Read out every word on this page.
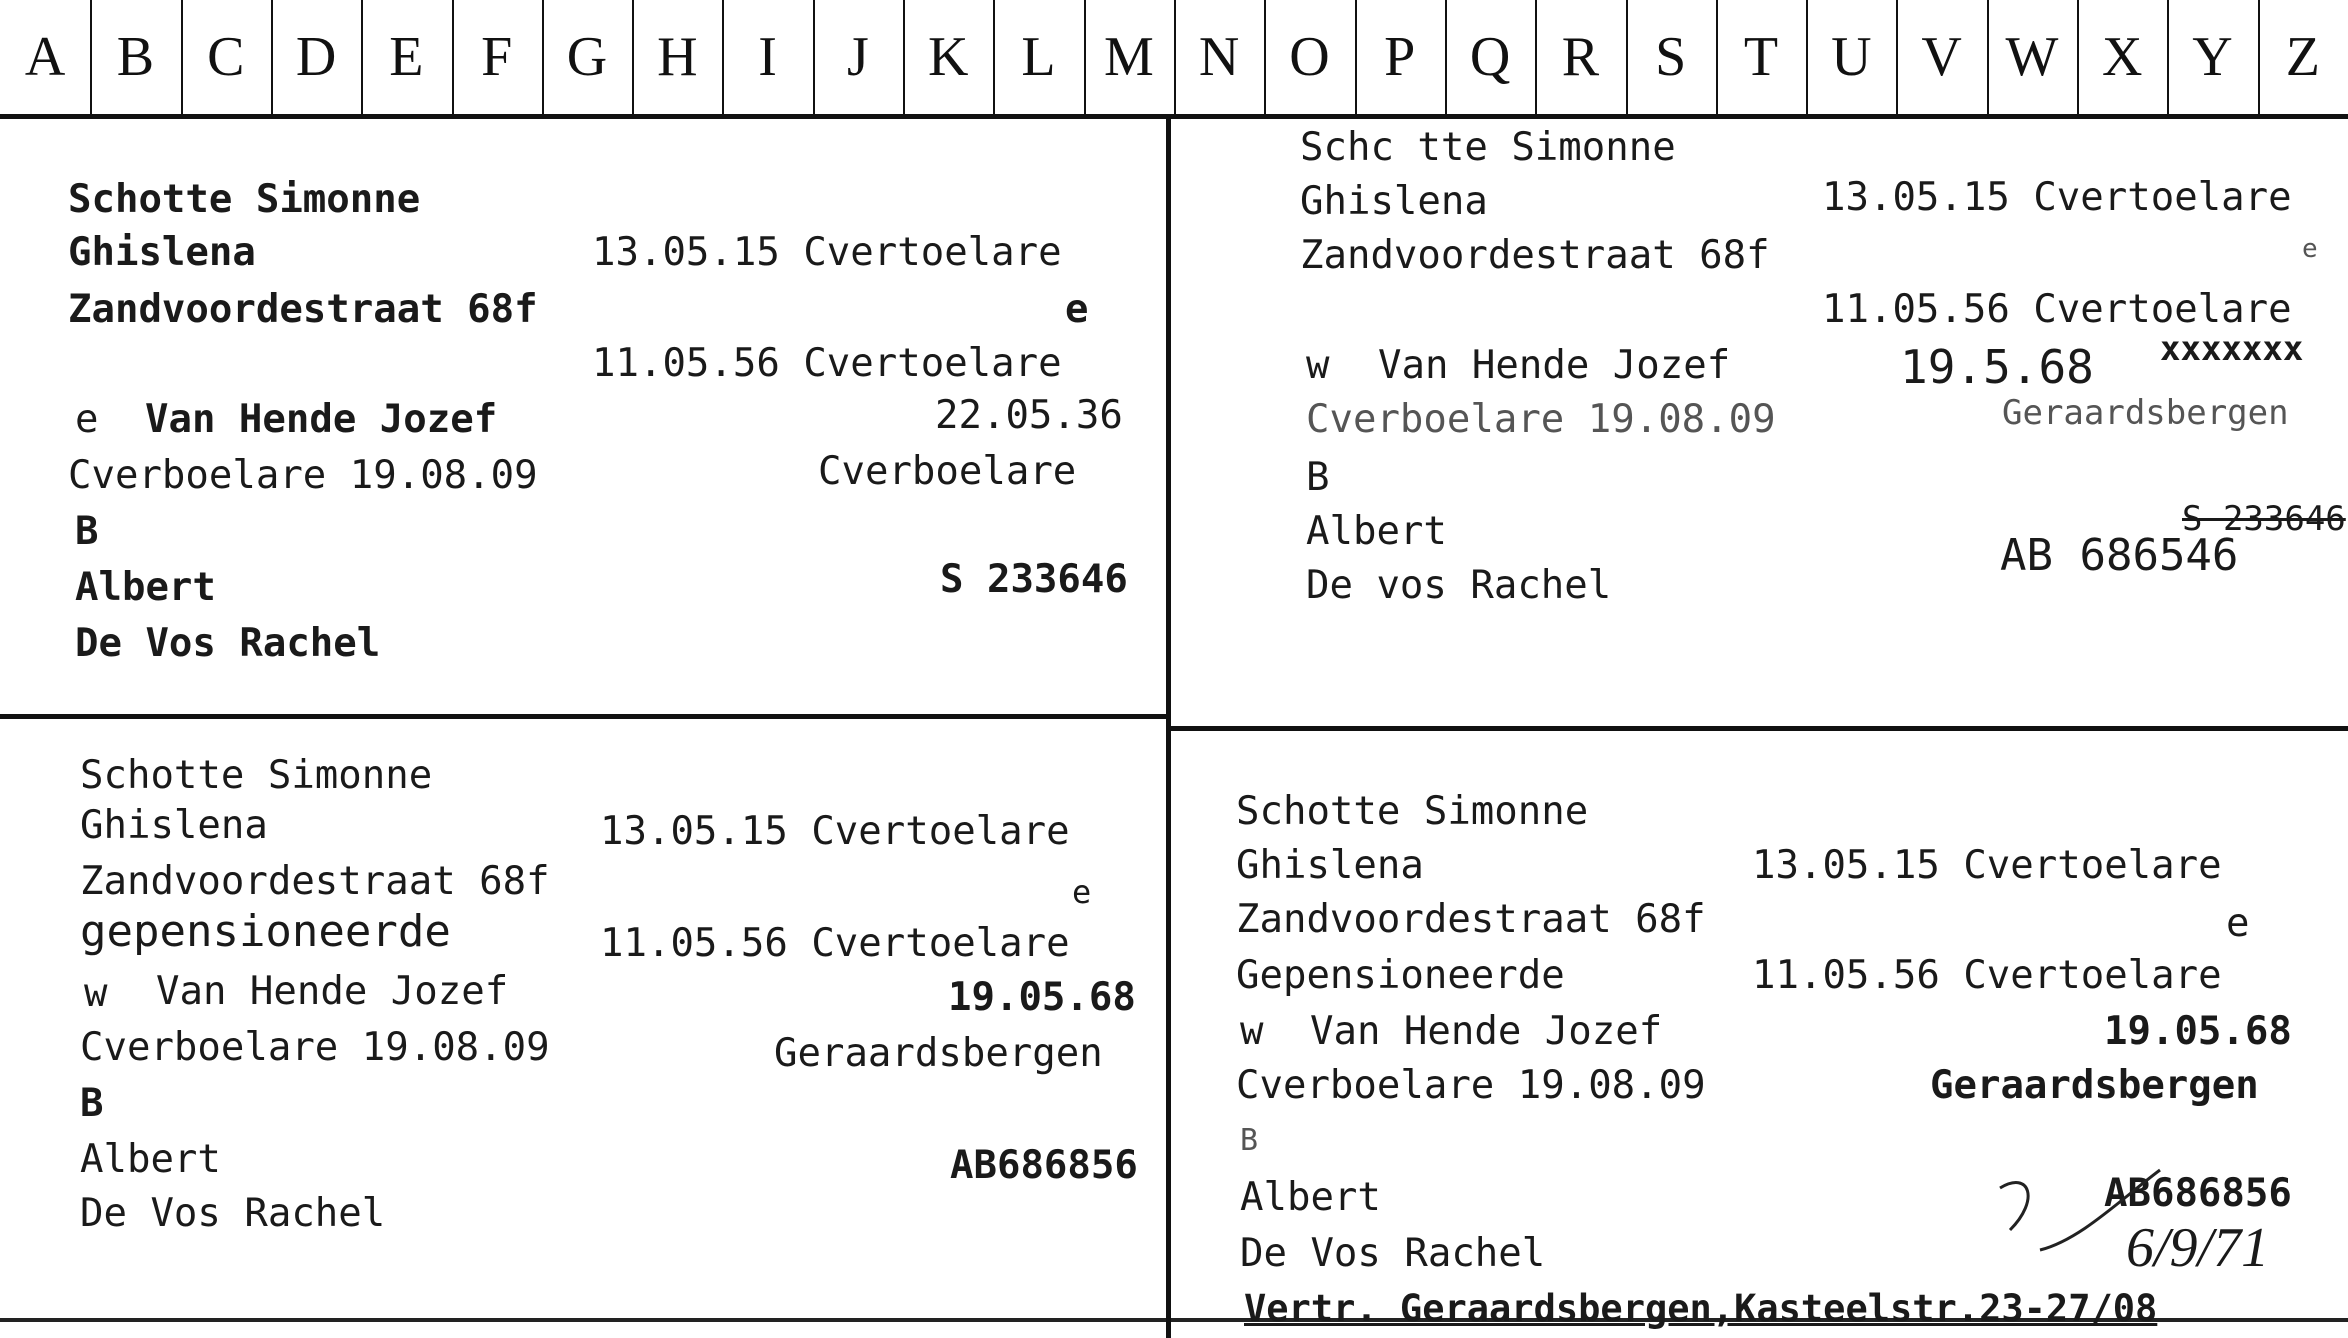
A B C D E	F G H	I	J	K L M N O P Q R	S	T U V W X Y Z
Schotte Simonne
Ghislena	13.05.15 Cvertoelare
Zandvoordestraat 68f	e
11.05.56 Cvertoelare
e Van Hende Jozef	22.05.36
Cverboelare 19.08.09	Cverboelare
B
Albert	S 233646
De Vos Rachel
Schc tte Simonne
Ghislena	13.05.15 Cvertoelare
Zandvoordestraat 68f	e
11.05.56 Cvertoelare
w Van Hende Jozef	19.5.68 xxxxxxx
Cverboelare 19.08.09	Geraardsbergen
B
Albert	S 233646
AB 686546
De vos Rachel
Schotte Simonne
Ghislena	13.05.15 Cvertoelare
Zandvoordestraat 68f	e
gepensioneerde	11.05.56 Cvertoelare
w Van Hende Jozef	19.05.68
Cverboelare 19.08.09	Geraardsbergen
B
Albert	AB686856
De Vos Rachel
Schotte Simonne
Ghislena	13.05.15 Cvertoelare
Zandvoordestraat 68f	e
Gepensioneerde	11.05.56 Cvertoelare
w Van Hende Jozef	19.05.68
Cverboelare 19.08.09	Geraardsbergen
B
Albert	AB686856
De Vos Rachel	6/9/71
Vertr. Geraardsbergen,Kasteelstr.23-27/08
